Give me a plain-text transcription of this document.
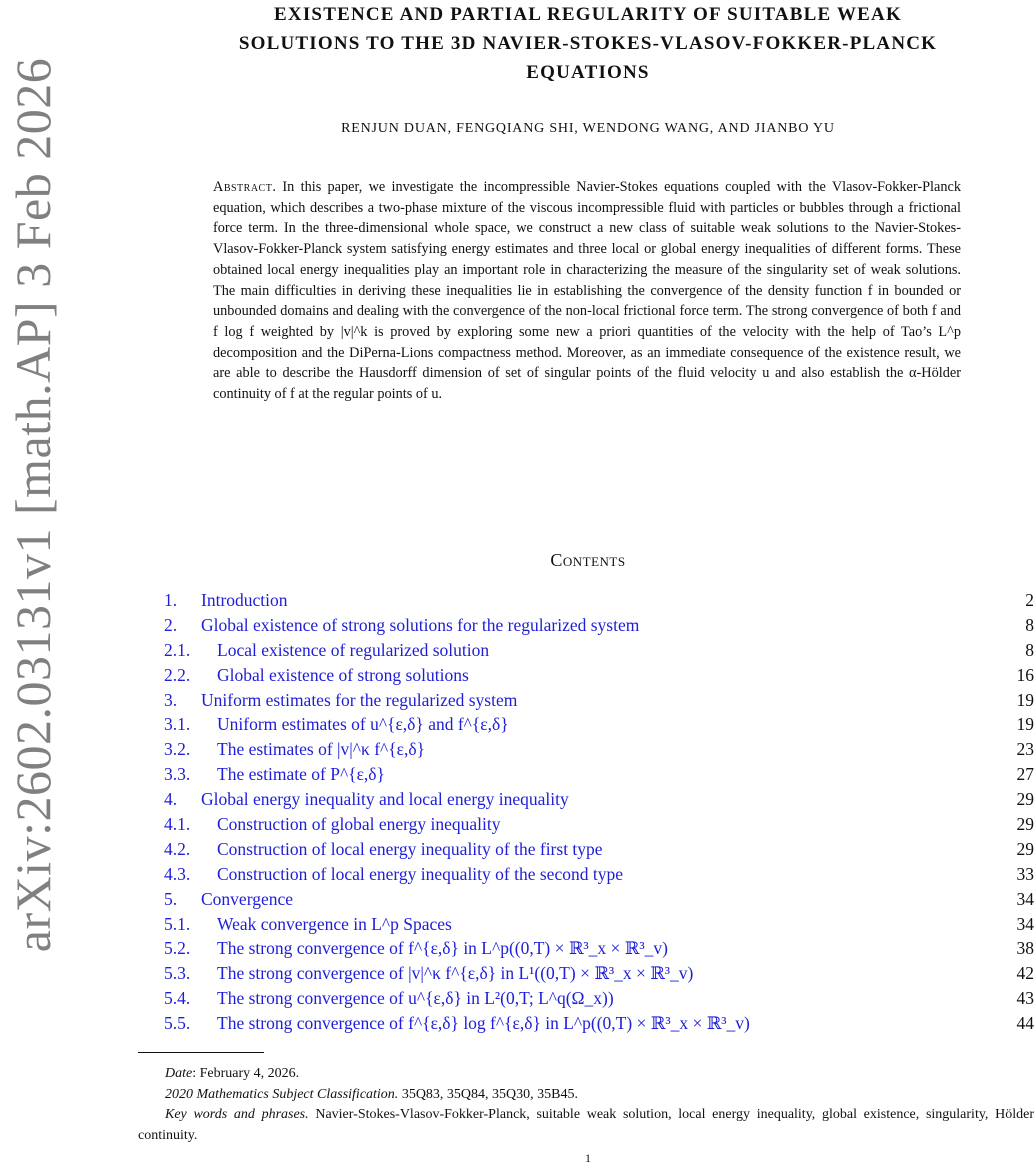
arXiv:2602.03131v1 [math.AP] 3 Feb 2026
EXISTENCE AND PARTIAL REGULARITY OF SUITABLE WEAK
SOLUTIONS TO THE 3D NAVIER-STOKES-VLASOV-FOKKER-PLANCK
EQUATIONS
RENJUN DUAN, FENGQIANG SHI, WENDONG WANG, AND JIANBO YU
Abstract. In this paper, we investigate the incompressible Navier-Stokes equations coupled with the Vlasov-Fokker-Planck equation, which describes a two-phase mixture of the viscous incompressible fluid with particles or bubbles through a frictional force term. In the three-dimensional whole space, we construct a new class of suitable weak solutions to the Navier-Stokes-Vlasov-Fokker-Planck system satisfying energy estimates and three local or global energy inequalities of different forms. These obtained local energy inequalities play an important role in characterizing the measure of the singularity set of weak solutions. The main difficulties in deriving these inequalities lie in establishing the convergence of the density function f in bounded or unbounded domains and dealing with the convergence of the non-local frictional force term. The strong convergence of both f and f log f weighted by |v|^k is proved by exploring some new a priori quantities of the velocity with the help of Tao’s L^p decomposition and the DiPerna-Lions compactness method. Moreover, as an immediate consequence of the existence result, we are able to describe the Hausdorff dimension of set of singular points of the fluid velocity u and also establish the α-Hölder continuity of f at the regular points of u.
Contents
1.	Introduction	2
2.	Global existence of strong solutions for the regularized system	8
2.1.	Local existence of regularized solution	8
2.2.	Global existence of strong solutions	16
3.	Uniform estimates for the regularized system	19
3.1.	Uniform estimates of u^{ε,δ} and f^{ε,δ}	19
3.2.	The estimates of |v|^κ f^{ε,δ}	23
3.3.	The estimate of P^{ε,δ}	27
4.	Global energy inequality and local energy inequality	29
4.1.	Construction of global energy inequality	29
4.2.	Construction of local energy inequality of the first type	29
4.3.	Construction of local energy inequality of the second type	33
5.	Convergence	34
5.1.	Weak convergence in L^p Spaces	34
5.2.	The strong convergence of f^{ε,δ} in L^p((0,T) × ℝ³_x × ℝ³_v)	38
5.3.	The strong convergence of |v|^κ f^{ε,δ} in L¹((0,T) × ℝ³_x × ℝ³_v)	42
5.4.	The strong convergence of u^{ε,δ} in L²(0,T; L^q(Ω_x))	43
5.5.	The strong convergence of f^{ε,δ} log f^{ε,δ} in L^p((0,T) × ℝ³_x × ℝ³_v)	44
Date: February 4, 2026.
2020 Mathematics Subject Classification. 35Q83, 35Q84, 35Q30, 35B45.
Key words and phrases. Navier-Stokes-Vlasov-Fokker-Planck, suitable weak solution, local energy inequality, global existence, singularity, Hölder continuity.
1
